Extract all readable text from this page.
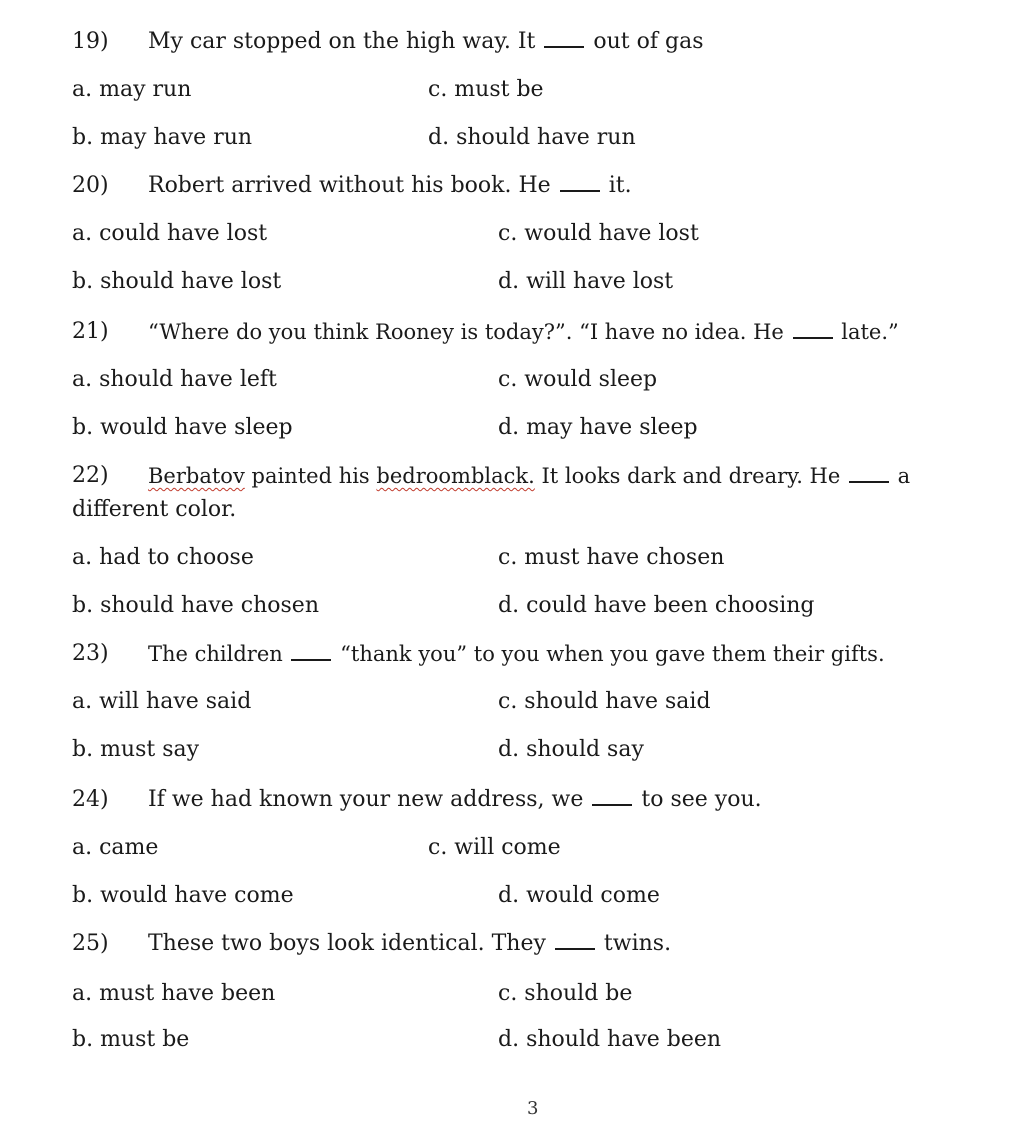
19) My car stopped on the high way. It	out of gas
a. may run	c. must be
b. may have run	d. should have run
20) Robert arrived without his book. He	it.
a. could have lost	c. would have lost
b. should have lost	d. will have lost
21) “Where do you think Rooney is today?”. “I have no idea. He	late.”
a. should have left	c. would sleep
b. would have sleep	d. may have sleep
22) Berbatov painted his bedroomblack. It looks dark and dreary. He	a
different color.
a. had to choose	c. must have chosen
b. should have chosen	d. could have been choosing
23) The children	“thank you” to you when you gave them their gifts.
a. will have said	c. should have said
b. must say	d. should say
24) If we had known your new address, we	to see you.
a. came	c. will come
b. would have come	d. would come
25) These two boys look identical. They	twins.
a. must have been	c. should be
b. must be	d. should have been
3
